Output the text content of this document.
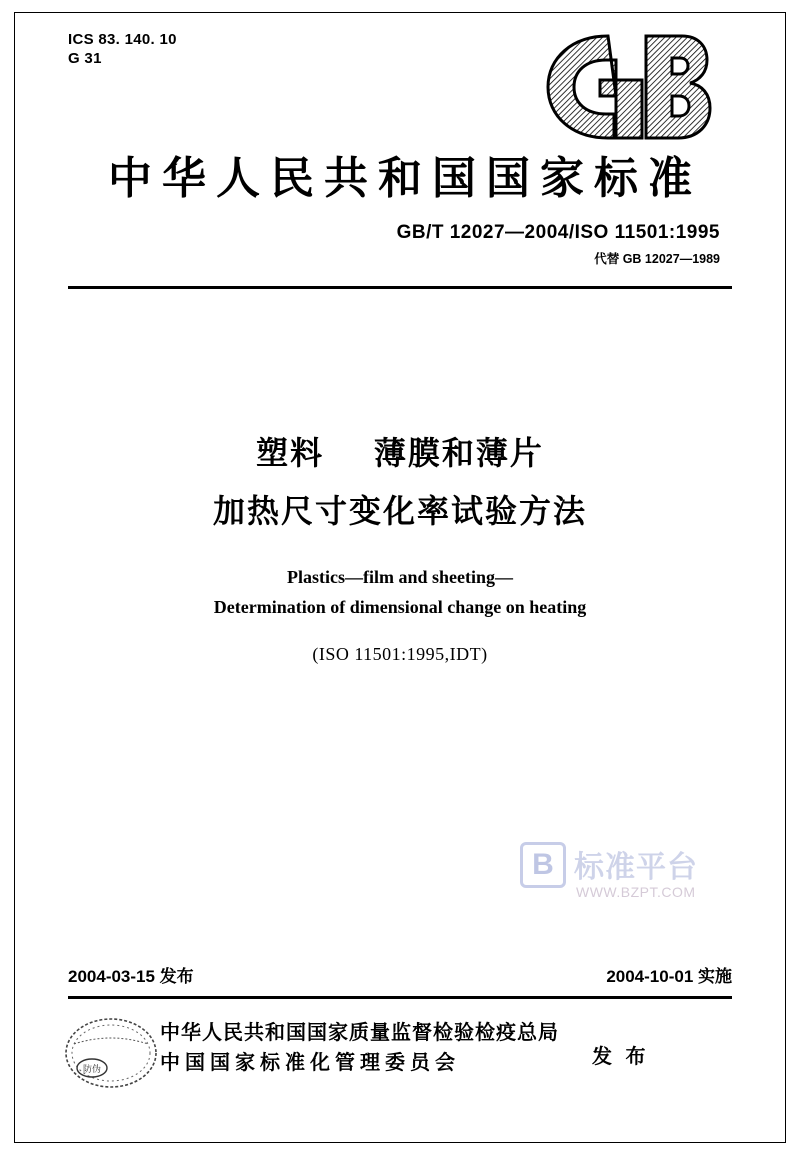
ICS 83. 140. 10
G 31
中华人民共和国国家标准
GB/T 12027—2004/ISO 11501:1995
代替 GB 12027—1989
塑料 薄膜和薄片
加热尺寸变化率试验方法
Plastics—film and sheeting—
Determination of dimensional change on heating
(ISO 11501:1995,IDT)
B 标准平台
WWW.BZPT.COM
2004-03-15 发布	2004-10-01 实施
防伪
中华人民共和国国家质量监督检验检疫总局
中国国家标准化管理委员会	发 布
